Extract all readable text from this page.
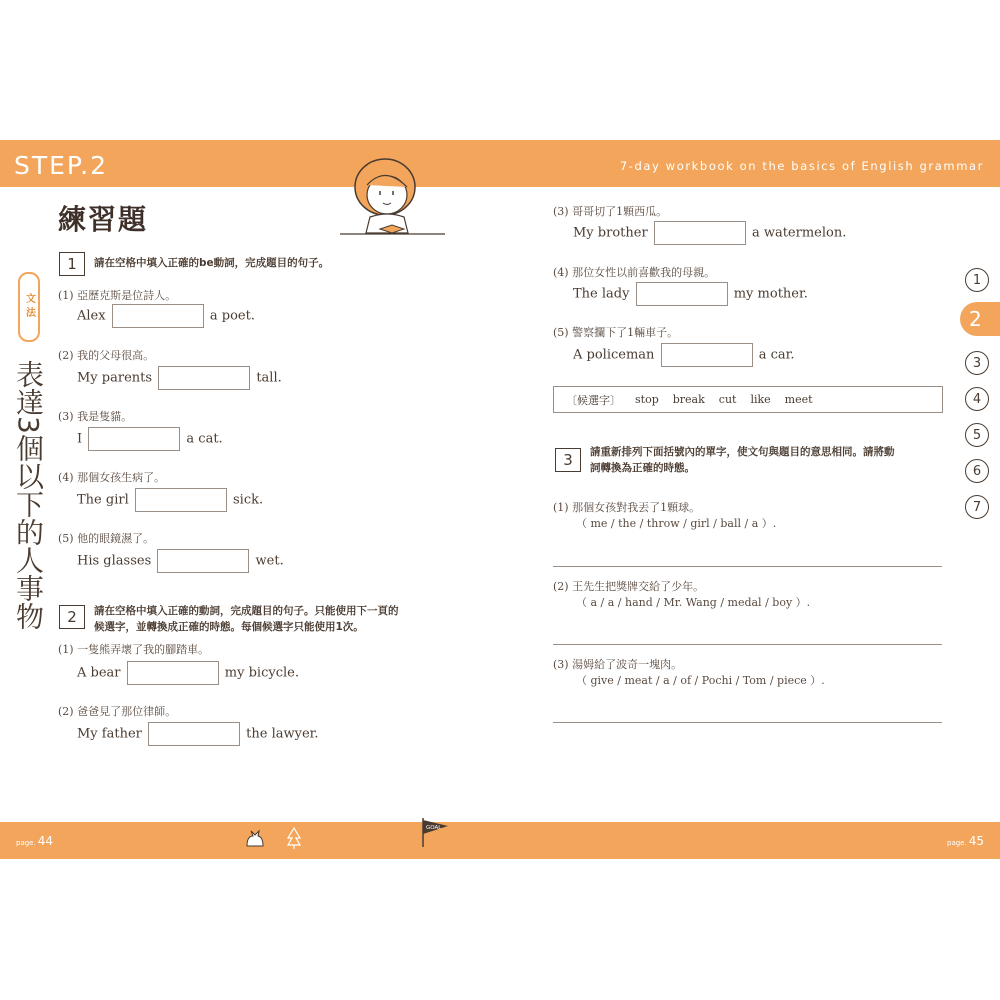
STEP.2	7-day workbook on the basics of English grammar
練習題
文法
表達3個以下的人事物
1	請在空格中填入正確的be動詞，完成題目的句子。
(1) 亞歷克斯是位詩人。
Alex	a poet.
(2) 我的父母很高。
My parents	tall.
(3) 我是隻貓。
I	a cat.
(4) 那個女孩生病了。
The girl	sick.
(5) 他的眼鏡濕了。
His glasses	wet.
2	請在空格中填入正確的動詞，完成題目的句子。只能使用下一頁的
候選字，並轉換成正確的時態。每個候選字只能使用1次。
(1) 一隻熊弄壞了我的腳踏車。
A bear	my bicycle.
(2) 爸爸見了那位律師。
My father	the lawyer.
(3) 哥哥切了1顆西瓜。
My brother	a watermelon.
(4) 那位女性以前喜歡我的母親。
The lady	my mother.
(5) 警察攔下了1輛車子。
A policeman	a car.
〔候選字〕 stop break cut like meet
3	請重新排列下面括號內的單字，使文句與題目的意思相同。請將動
詞轉換為正確的時態。
(1) 那個女孩對我丟了1顆球。
（ me / the / throw / girl / ball / a ）.
(2) 王先生把獎牌交給了少年。
（ a / a / hand / Mr. Wang / medal / boy ）.
(3) 湯姆給了波奇一塊肉。
（ give / meat / a / of / Pochi / Tom / piece ）.
1
2
3
4
5
6
7
page. 44	page. 45
GOAL
